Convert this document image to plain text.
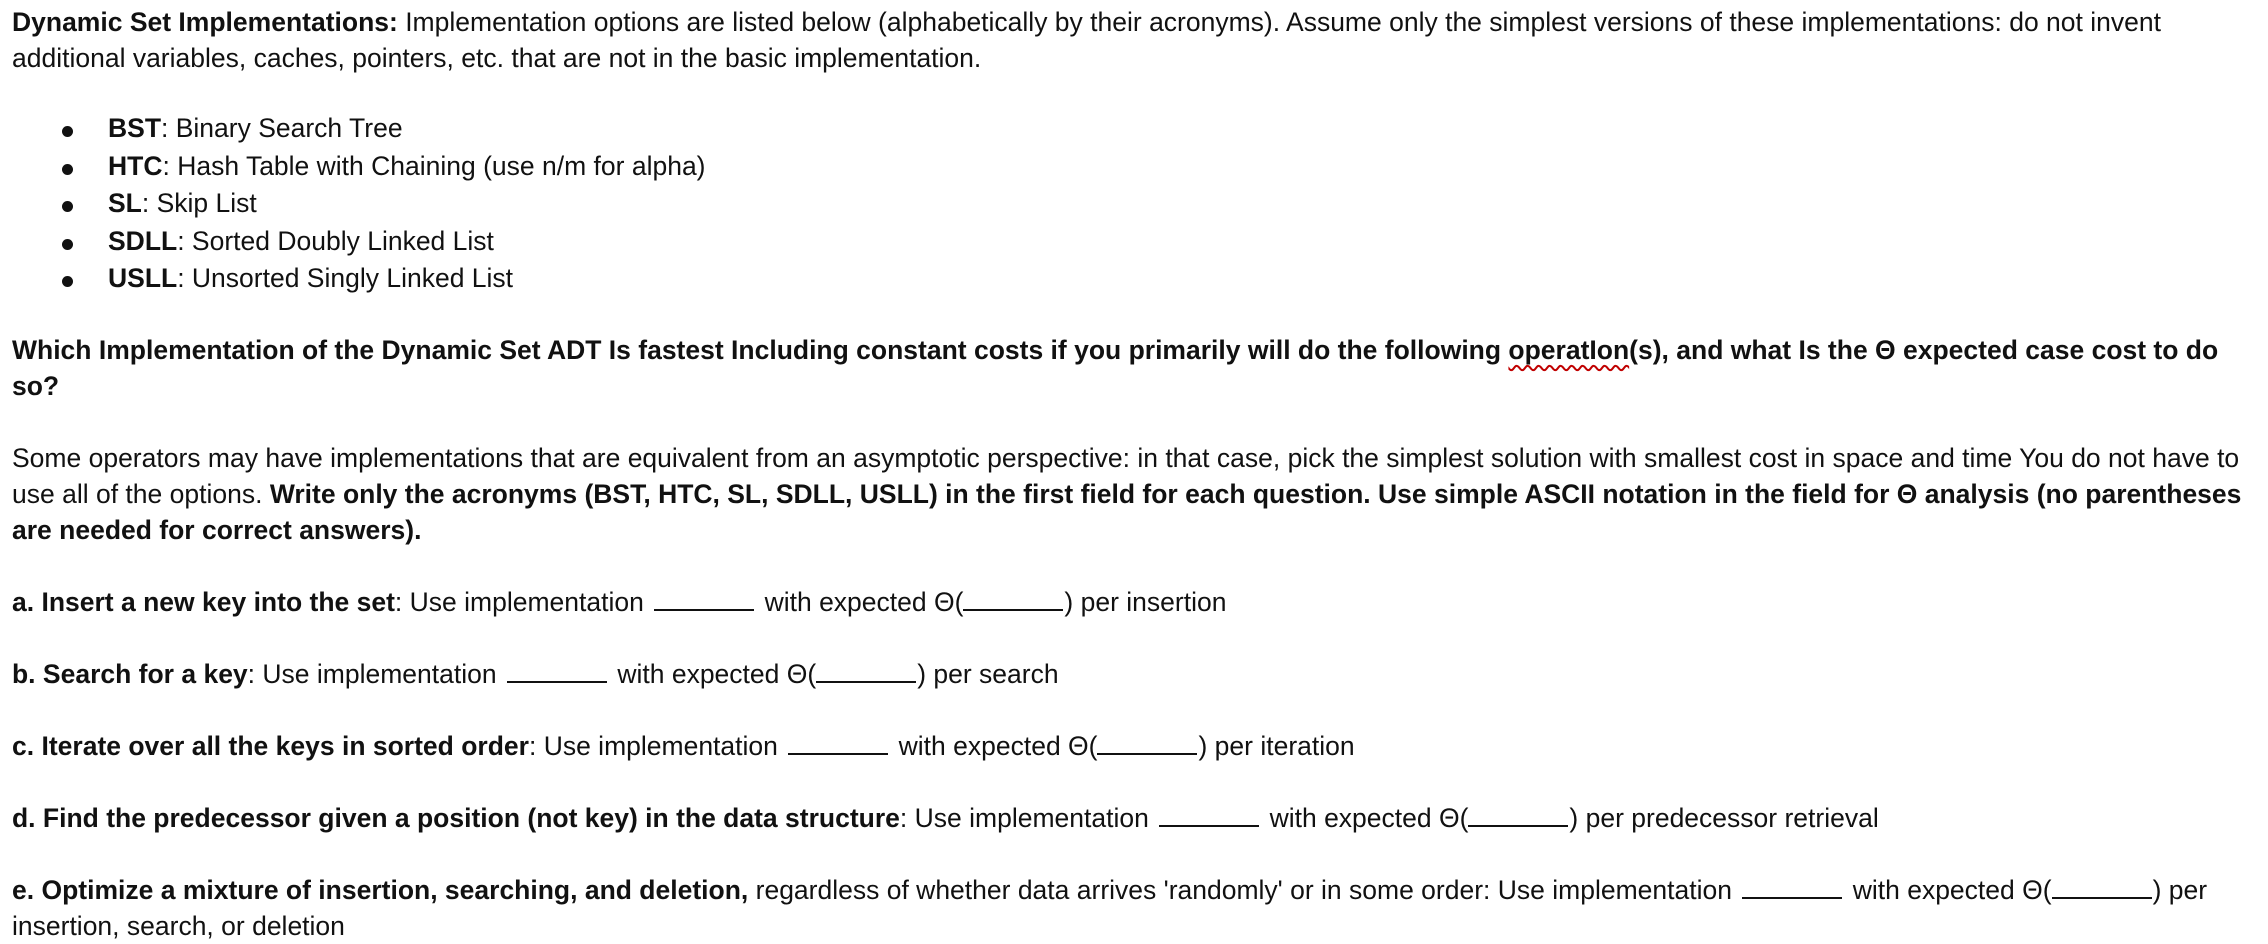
Dynamic Set Implementations: Implementation options are listed below (alphabetically by their acronyms). Assume only the simplest versions of these implementations: do not invent additional variables, caches, pointers, etc. that are not in the basic implementation.

BST: Binary Search Tree
HTC: Hash Table with Chaining (use n/m for alpha)
SL: Skip List
SDLL: Sorted Doubly Linked List
USLL: Unsorted Singly Linked List

Which Implementation of the Dynamic Set ADT Is fastest Including constant costs if you primarily will do the following operatIon(s), and what Is the Θ expected case cost to do so?

Some operators may have implementations that are equivalent from an asymptotic perspective: in that case, pick the simplest solution with smallest cost in space and time You do not have to use all of the options. Write only the acronyms (BST, HTC, SL, SDLL, USLL) in the first field for each question. Use simple ASCII notation in the field for Θ analysis (no parentheses are needed for correct answers).

a. Insert a new key into the set: Use implementation	with expected Θ(	) per insertion

b. Search for a key: Use implementation	with expected Θ(	) per search

c. Iterate over all the keys in sorted order: Use implementation	with expected Θ(	) per iteration

d. Find the predecessor given a position (not key) in the data structure: Use implementation	with expected Θ(	) per predecessor retrieval

e. Optimize a mixture of insertion, searching, and deletion, regardless of whether data arrives 'randomly' or in some order: Use implementation	with expected Θ(	) per insertion, search, or deletion
